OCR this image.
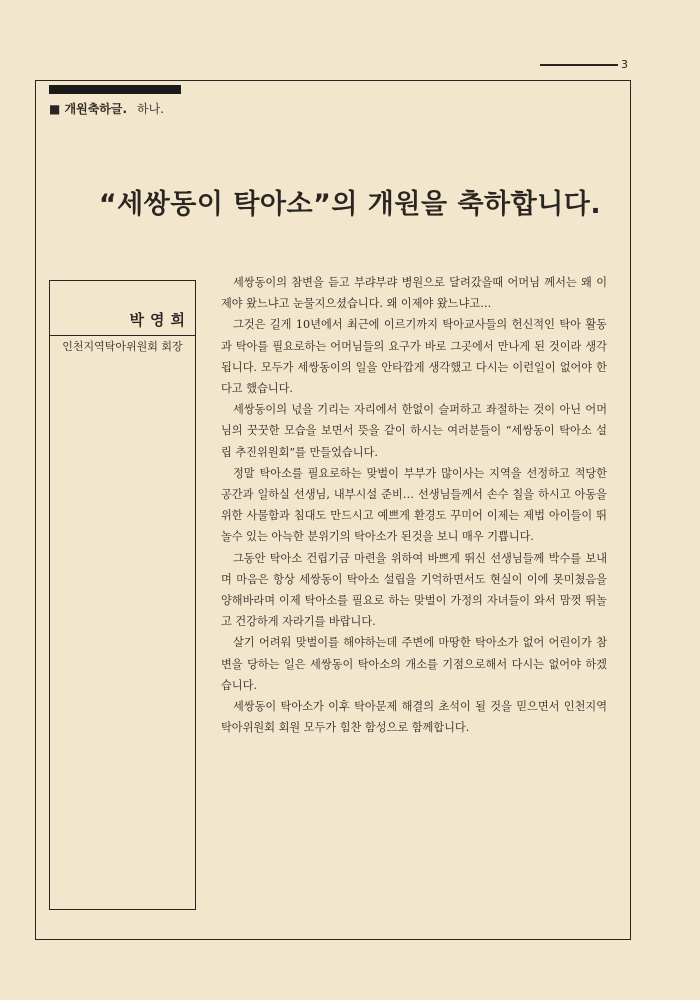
3
■ 개원축하글. 하나.
“세쌍동이 탁아소”의 개원을 축하합니다.
박영희
인천지역탁아위원회 회장

세쌍동이의 참변을 듣고 부랴부랴 병원으로 달려갔을때 어머님 께서는 왜 이제야 왔느냐고 눈물지으셨습니다. 왜 이제야 왔느냐고…

그것은 길게 10년에서 최근에 이르기까지 탁아교사들의 헌신적인 탁아 활동과 탁아를 필요로하는 어머님들의 요구가 바로 그곳에서 만나게 된 것이라 생각됩니다. 모두가 세쌍동이의 일을 안타깝게 생각했고 다시는 이런일이 없어야 한다고 했습니다.

세쌍동이의 넋을 기리는 자리에서 한없이 슬퍼하고 좌절하는 것이 아닌 어머님의 꿋꿋한 모습을 보면서 뜻을 같이 하시는 여러분들이 “세쌍동이 탁아소 설립 추진위원회”를 만들었습니다.

정말 탁아소를 필요로하는 맞벌이 부부가 많이사는 지역을 선정하고 적당한 공간과 일하실 선생님, 내부시설 준비… 선생님들께서 손수 칠을 하시고 아동을 위한 사물함과 침대도 만드시고 예쁘게 환경도 꾸미어 이제는 제법 아이들이 뛰놀수 있는 아늑한 분위기의 탁아소가 된것을 보니 매우 기쁩니다.

그동안 탁아소 건립기금 마련을 위하여 바쁘게 뛰신 선생님들께 박수를 보내며 마음은 항상 세쌍동이 탁아소 설립을 기억하면서도 현실이 이에 못미쳤음을 양해바라며 이제 탁아소를 필요로 하는 맞벌이 가정의 자녀들이 와서 맘껏 뛰놀고 건강하게 자라기를 바랍니다.

살기 어려워 맞벌이를 해야하는데 주변에 마땅한 탁아소가 없어 어린이가 참변을 당하는 일은 세쌍동이 탁아소의 개소를 기점으로해서 다시는 없어야 하겠습니다.

세쌍동이 탁아소가 이후 탁아문제 해결의 초석이 될 것을 믿으면서 인천지역 탁아위원회 회원 모두가 힘찬 함성으로 함께합니다.
